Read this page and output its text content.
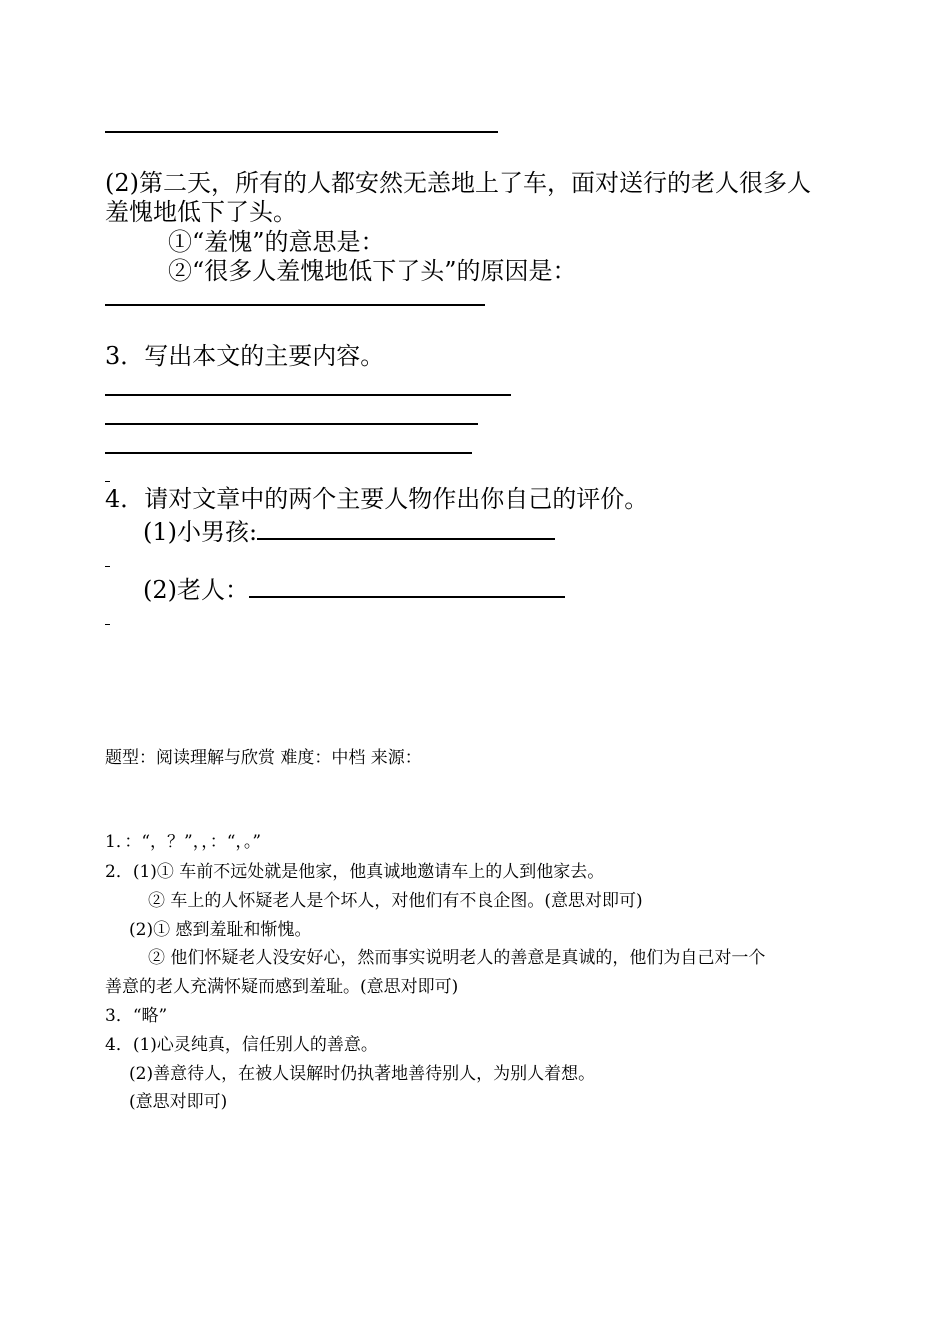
(2)第二天，所有的人都安然无恙地上了车，面对送行的老人很多人
羞愧地低下了头。
①“羞愧”的意思是：
②“很多人羞愧地低下了头”的原因是：
3．写出本文的主要内容。
4．请对文章中的两个主要人物作出你自己的评价。
(1)小男孩:
(2)老人：
题型：阅读理解与欣赏 难度：中档 来源：
1．：“，？”，，：“，。”
2．(1)① 车前不远处就是他家，他真诚地邀请车上的人到他家去。
② 车上的人怀疑老人是个坏人，对他们有不良企图。(意思对即可)
(2)① 感到羞耻和惭愧。
② 他们怀疑老人没安好心，然而事实说明老人的善意是真诚的，他们为自己对一个
善意的老人充满怀疑而感到羞耻。(意思对即可)
3．“略”
4．(1)心灵纯真，信任别人的善意。
(2)善意待人，在被人误解时仍执著地善待别人，为别人着想。
(意思对即可)
